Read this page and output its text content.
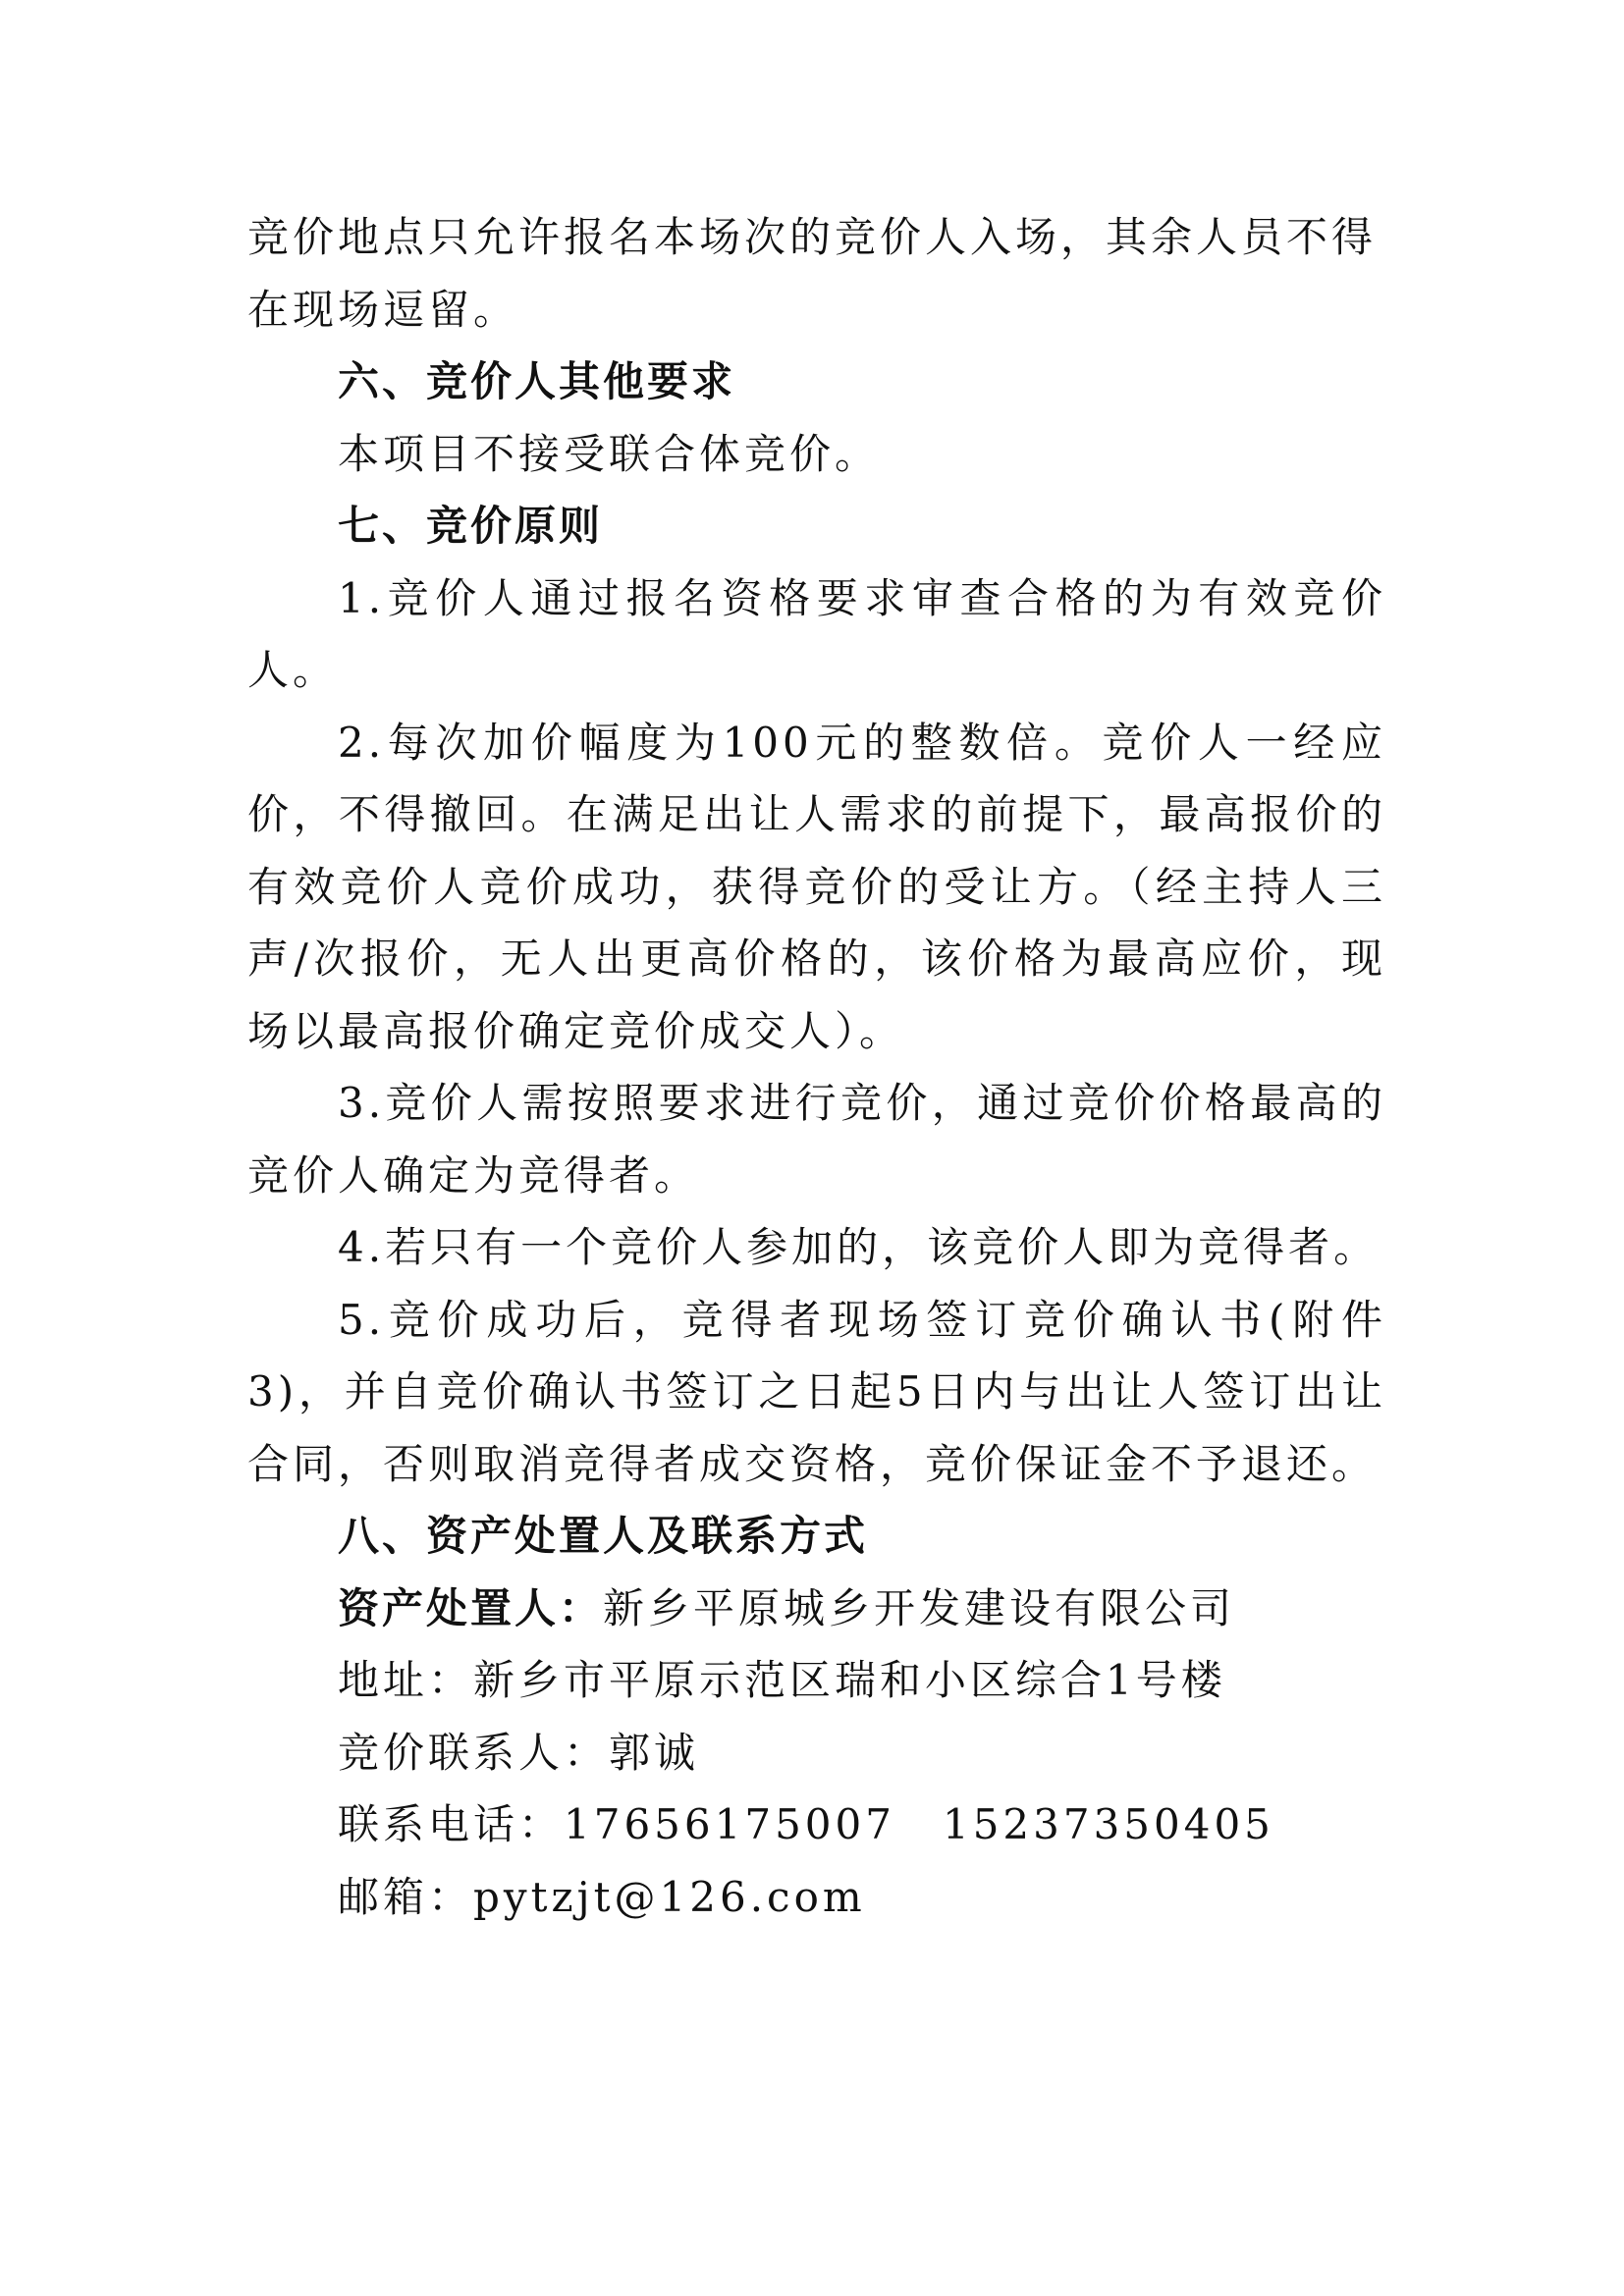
竞价地点只允许报名本场次的竞价人入场，其余人员不得
在现场逗留。

六、竞价人其他要求

本项目不接受联合体竞价。

七、竞价原则

1.竞价人通过报名资格要求审查合格的为有效竞价人。

2.每次加价幅度为100元的整数倍。竞价人一经应价，不得撤回。在满足出让人需求的前提下，最高报价的有效竞价人竞价成功，获得竞价的受让方。（经主持人三声/次报价，无人出更高价格的，该价格为最高应价，现场以最高报价确定竞价成交人）。

3.竞价人需按照要求进行竞价，通过竞价价格最高的竞价人确定为竞得者。

4.若只有一个竞价人参加的，该竞价人即为竞得者。

5.竞价成功后，竞得者现场签订竞价确认书(附件3)，并自竞价确认书签订之日起5日内与出让人签订出让合同，否则取消竞得者成交资格，竞价保证金不予退还。

八、资产处置人及联系方式

资产处置人：新乡平原城乡开发建设有限公司

地址：新乡市平原示范区瑞和小区综合1号楼

竞价联系人：郭诚

联系电话：17656175007 15237350405

邮箱：pytzjt@126.com
